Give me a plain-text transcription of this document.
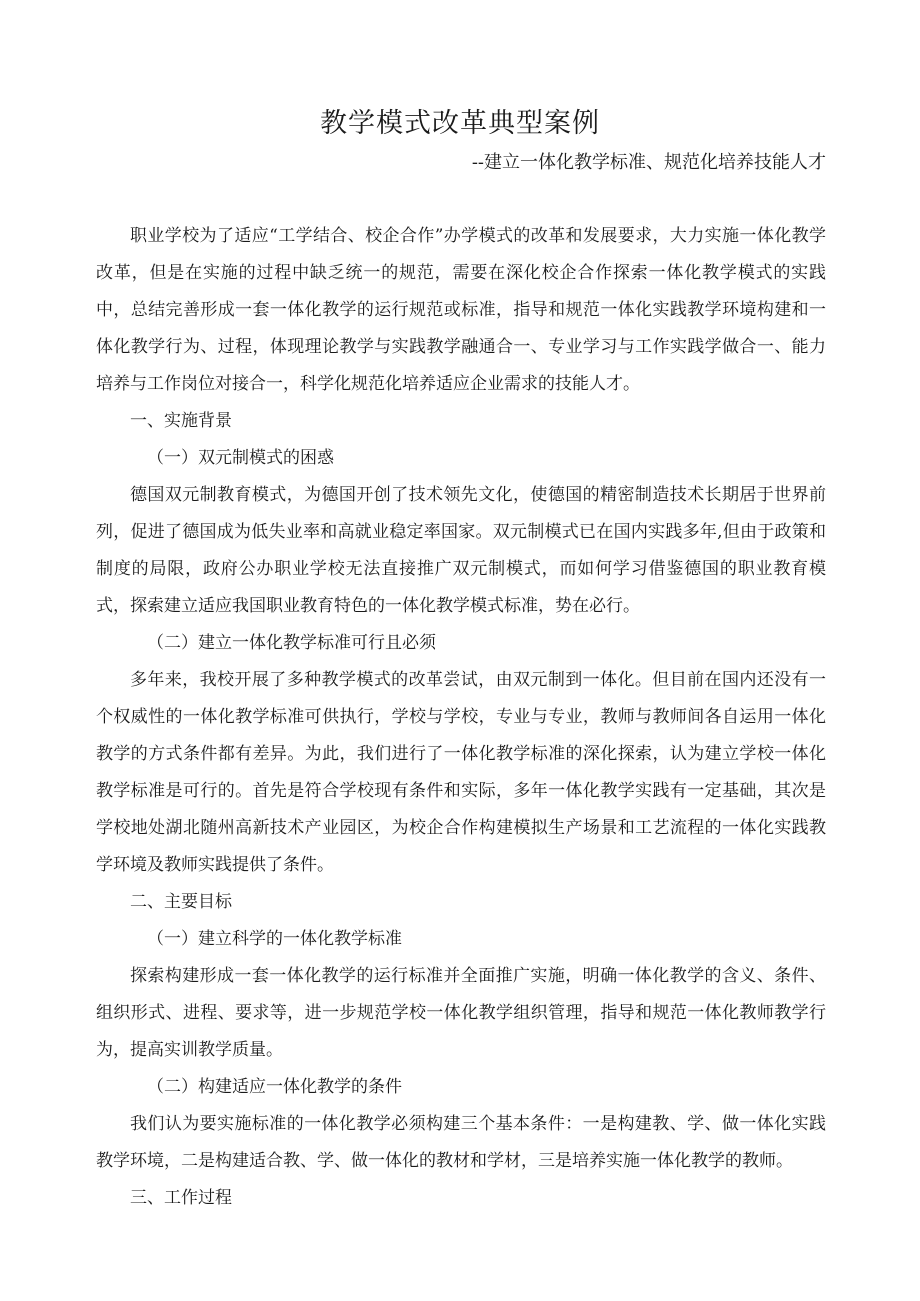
教学模式改革典型案例
--建立一体化教学标准、规范化培养技能人才

职业学校为了适应“工学结合、校企合作”办学模式的改革和发展要求，大力实施一体化教学改革，但是在实施的过程中缺乏统一的规范，需要在深化校企合作探索一体化教学模式的实践中，总结完善形成一套一体化教学的运行规范或标准，指导和规范一体化实践教学环境构建和一体化教学行为、过程，体现理论教学与实践教学融通合一、专业学习与工作实践学做合一、能力培养与工作岗位对接合一，科学化规范化培养适应企业需求的技能人才。

一、实施背景

（一）双元制模式的困惑

德国双元制教育模式，为德国开创了技术领先文化，使德国的精密制造技术长期居于世界前列，促进了德国成为低失业率和高就业稳定率国家。双元制模式已在国内实践多年,但由于政策和制度的局限，政府公办职业学校无法直接推广双元制模式，而如何学习借鉴德国的职业教育模式，探索建立适应我国职业教育特色的一体化教学模式标准，势在必行。

（二）建立一体化教学标准可行且必须

多年来，我校开展了多种教学模式的改革尝试，由双元制到一体化。但目前在国内还没有一个权威性的一体化教学标准可供执行，学校与学校，专业与专业，教师与教师间各自运用一体化教学的方式条件都有差异。为此，我们进行了一体化教学标准的深化探索，认为建立学校一体化教学标准是可行的。首先是符合学校现有条件和实际，多年一体化教学实践有一定基础，其次是学校地处湖北随州高新技术产业园区，为校企合作构建模拟生产场景和工艺流程的一体化实践教学环境及教师实践提供了条件。

二、主要目标

（一）建立科学的一体化教学标准

探索构建形成一套一体化教学的运行标准并全面推广实施，明确一体化教学的含义、条件、组织形式、进程、要求等，进一步规范学校一体化教学组织管理，指导和规范一体化教师教学行为，提高实训教学质量。

（二）构建适应一体化教学的条件

我们认为要实施标准的一体化教学必须构建三个基本条件：一是构建教、学、做一体化实践教学环境，二是构建适合教、学、做一体化的教材和学材，三是培养实施一体化教学的教师。

三、工作过程
